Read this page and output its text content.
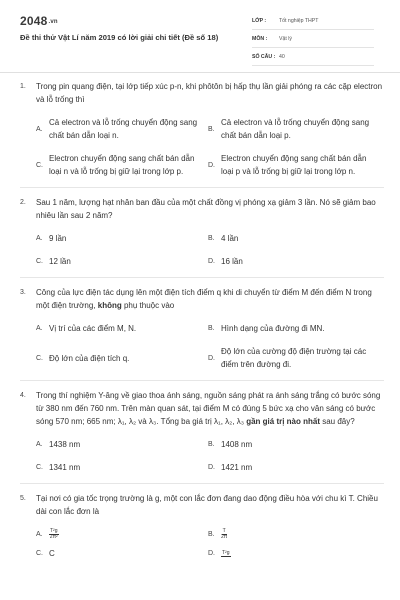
2048.vn
Đề thi thử Vật Lí năm 2019 có lời giải chi tiết (Đề số 18)
LỚP :	Tốt nghiệp THPT
MÔN :	Vật lý
SỐ CÂU : 40
1. Trong pin quang điện, tại lớp tiếp xúc p-n, khi phôtôn bị hấp thụ lần giải phóng ra các cặp electron và lỗ trống thì

A.
Cả electron và lỗ trống chuyển động sang chất bán dẫn loại n.
B.
Cả electron và lỗ trống chuyển động sang chất bán dẫn loại p.
C.
Electron chuyển động sang chất bán dẫn loại n và lỗ trống bị giữ lại trong lớp p.
D.
Electron chuyển động sang chất bán dẫn loại p và lỗ trống bị giữ lại trong lớp n.
2. Sau 1 năm, lượng hạt nhân ban đầu của một chất đồng vị phóng xạ giảm 3 lần. Nó sẽ giảm bao nhiêu lần sau 2 năm?

A. 9 lần	B. 4 lần
C. 12 lần	D. 16 lần
3. Công của lực điện tác dụng lên một điện tích điểm q khi di chuyển từ điểm M đến điểm N trong một điện trường, không phụ thuộc vào

A. Vị trí của các điểm M, N.	B. Hình dạng của đường đi MN.
C. Độ lớn của điện tích q.	D.
Độ lớn của cường độ điện trường tại các điểm trên đường đi.
4. Trong thí nghiệm Y-âng về giao thoa ánh sáng, nguồn sáng phát ra ánh sáng trắng có bước sóng từ 380 nm đến 760 nm. Trên màn quan sát, tại điểm M có đúng 5 bức xạ cho vân sáng có bước sóng 570 nm; 665 nm; λ₁, λ₂ và λ₃. Tổng ba giá trị λ₁, λ₂, λ₃ gần giá trị nào nhất sau đây?

A. 1438 nm	B. 1408 nm
C. 1341 nm	D. 1421 nm
5. Tại nơi có gia tốc trọng trường là g, một con lắc đơn đang dao động điều hòa với chu kì T. Chiều dài con lắc đơn là

A.	$\frac{\text{T²g}}{\text{2π²}}$	B.	$\frac{T}{2\pi}$
C. C	D.	T²g
